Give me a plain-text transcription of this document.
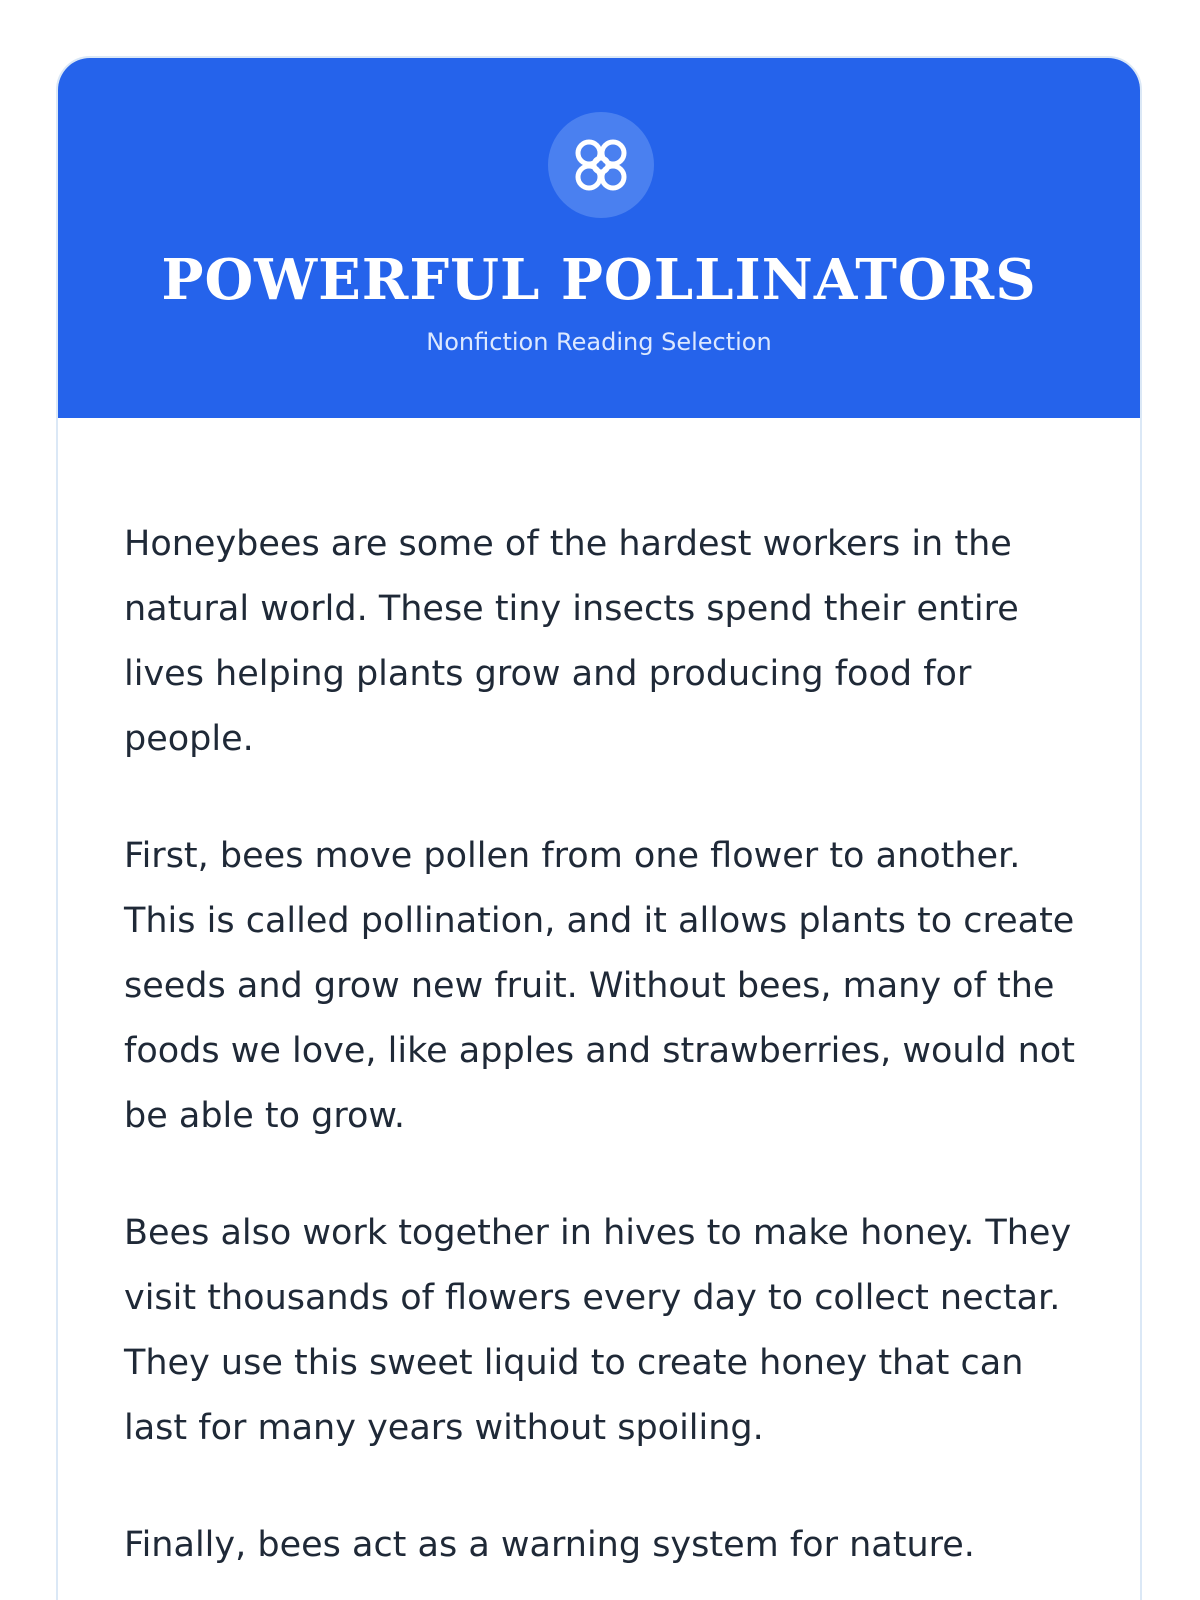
POWERFUL POLLINATORS
Nonfiction Reading Selection

Honeybees are some of the hardest workers in the natural world. These tiny insects spend their entire lives helping plants grow and producing food for people.

First, bees move pollen from one flower to another. This is called pollination, and it allows plants to create seeds and grow new fruit. Without bees, many of the foods we love, like apples and strawberries, would not be able to grow.

Bees also work together in hives to make honey. They visit thousands of flowers every day to collect nectar. They use this sweet liquid to create honey that can last for many years without spoiling.

Finally, bees act as a warning system for nature.
